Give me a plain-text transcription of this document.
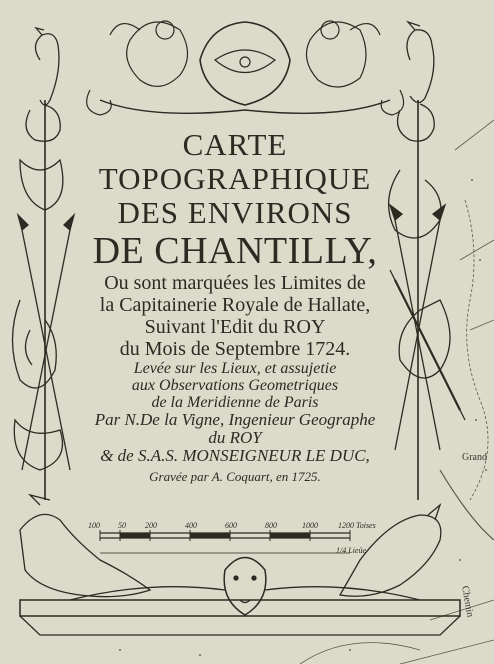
CARTE
TOPOGRAPHIQUE
DES ENVIRONS
DE CHANTILLY,
Ou sont marquées les Limites de
la Capitainerie Royale de Hallate,
Suivant l'Edit du ROY
du Mois de Septembre 1724.
Levée sur les Lieux, et assujetie
aux Observations Geometriques
de la Meridienne de Paris
Par N.De la Vigne, Ingenieur Geographe
du ROY
& de S.A.S. MONSEIGNEUR LE DUC,
Gravée par A. Coquart, en 1725.
100 50 200	400	600	800	1000	1200 Toises
1/4 Lieüe
Grand
Chemin
